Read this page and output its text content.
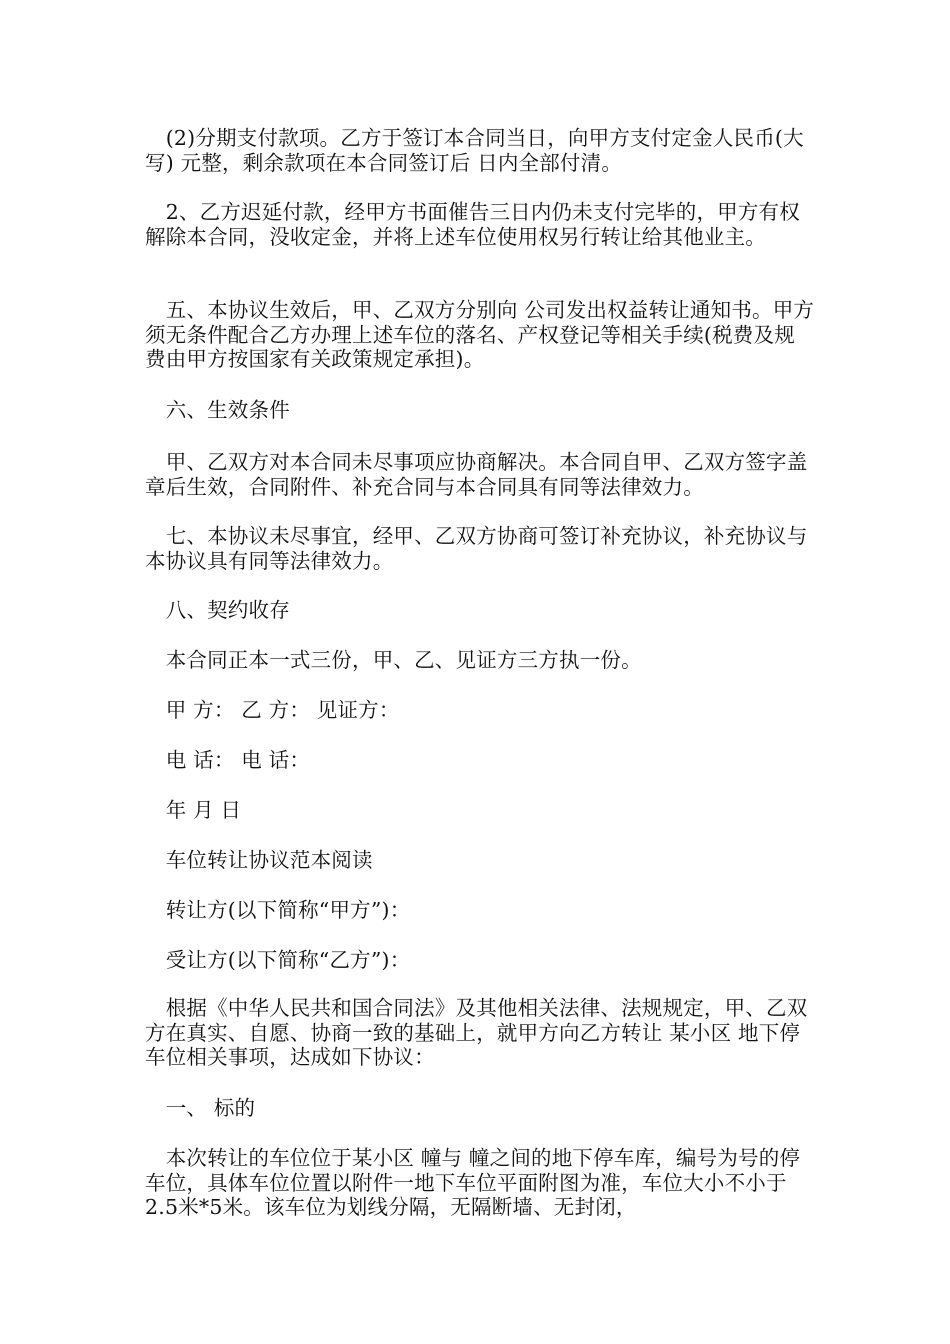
　(2)分期支付款项。乙方于签订本合同当日，向甲方支付定金人民币(大写) 元整，剩余款项在本合同签订后 日内全部付清。

　2、乙方迟延付款，经甲方书面催告三日内仍未支付完毕的，甲方有权解除本合同，没收定金，并将上述车位使用权另行转让给其他业主。

　五、本协议生效后，甲、乙双方分别向 公司发出权益转让通知书。甲方须无条件配合乙方办理上述车位的落名、产权登记等相关手续(税费及规费由甲方按国家有关政策规定承担)。

　六、生效条件

　甲、乙双方对本合同未尽事项应协商解决。本合同自甲、乙双方签字盖章后生效，合同附件、补充合同与本合同具有同等法律效力。

　七、本协议未尽事宜，经甲、乙双方协商可签订补充协议，补充协议与本协议具有同等法律效力。

　八、契约收存

　本合同正本一式三份，甲、乙、见证方三方执一份。

　甲 方： 乙 方： 见证方：

　电 话： 电 话：

　年 月 日

　车位转让协议范本阅读

　转让方(以下简称“甲方”)：

　受让方(以下简称“乙方”)：

　根据《中华人民共和国合同法》及其他相关法律、法规规定，甲、乙双方在真实、自愿、协商一致的基础上，就甲方向乙方转让 某小区 地下停车位相关事项，达成如下协议：

　一、 标的

　本次转让的车位位于某小区 幢与 幢之间的地下停车库，编号为号的停车位，具体车位位置以附件一地下车位平面附图为准，车位大小不小于2.5米*5米。该车位为划线分隔，无隔断墙、无封闭，
